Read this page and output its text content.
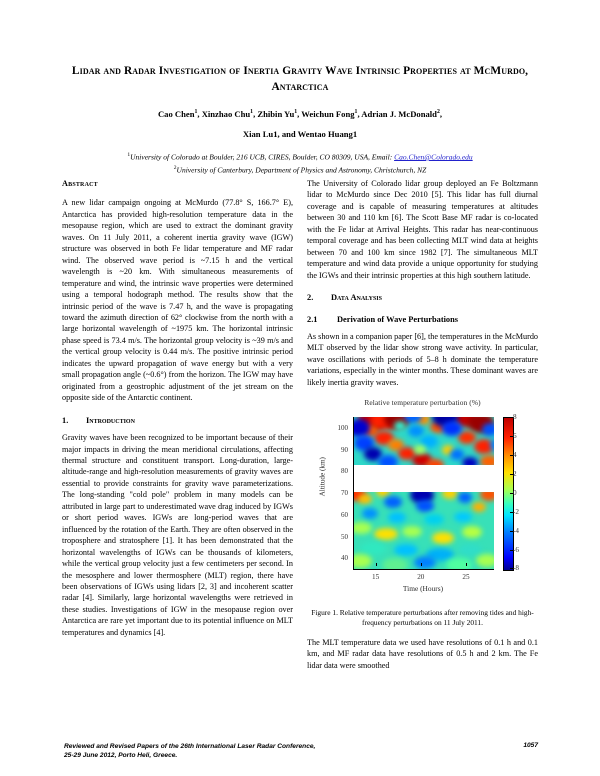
Lidar and Radar Investigation of Inertia Gravity Wave Intrinsic Properties at McMurdo, Antarctica
Cao Chen$^1$, Xinzhao Chu$^1$, Zhibin Yu$^1$, Weichun Fong$^1$, Adrian J. McDonald$^2$,
Xian Lu1, and Wentao Huang1
$^1$University of Colorado at Boulder, 216 UCB, CIRES, Boulder, CO 80309, USA, Email: Cao.Chen@Colorado.edu
$^2$University of Canterbury, Department of Physics and Astronomy, Christchurch, NZ
Abstract

A new lidar campaign ongoing at McMurdo (77.8° S, 166.7° E), Antarctica has provided high-resolution temperature data in the mesopause region, which are used to extract the dominant gravity waves. On 11 July 2011, a coherent inertia gravity wave (IGW) structure was observed in both Fe lidar temperature and MF radar wind. The observed wave period is ~7.15 h and the vertical wavelength is ~20 km. With simultaneous measurements of temperature and wind, the intrinsic wave properties were determined using a temporal hodograph method. The results show that the intrinsic period of the wave is 7.47 h, and the wave is propagating toward the azimuth direction of 62° clockwise from the north with a large horizontal wavelength of ~1975 km. The horizontal intrinsic phase speed is 73.4 m/s. The horizontal group velocity is ~39 m/s and the vertical group velocity is 0.44 m/s. The positive intrinsic period indicates the upward propagation of wave energy but with a very small propagation angle (~0.6°) from the horizon. The IGW may have originated from a geostrophic adjustment of the jet stream on the opposite side of the Antarctic continent.

1.	Introduction

Gravity waves have been recognized to be important because of their major impacts in driving the mean meridional circulations, affecting thermal structure and constituent transport. Long-duration, large-altitude-range and high-resolution measurements of gravity waves are essential to provide constraints for gravity wave parameterizations. The long-standing "cold pole" problem in many models can be attributed in large part to underestimated wave drag induced by IGWs or short period waves. IGWs are long-period waves that are influenced by the rotation of the Earth. They are often observed in the troposphere and stratosphere [1]. It has been demonstrated that the horizontal wavelengths of IGWs can be thousands of kilometers, while the vertical group velocity just a few centimeters per second. In the mesosphere and lower thermosphere (MLT) region, there have been observations of IGWs using lidars [2, 3] and incoherent scatter radar [4]. Similarly, large horizontal wavelengths were retrieved in these studies. Investigations of IGW in the mesopause region over Antarctica are rare yet important due to its potential influence on MLT temperatures and dynamics [4].

The University of Colorado lidar group deployed an Fe Boltzmann lidar to McMurdo since Dec 2010 [5]. This lidar has full diurnal coverage and is capable of measuring temperatures at altitudes between 30 and 110 km [6]. The Scott Base MF radar is co-located with the Fe lidar at Arrival Heights. This radar has near-continuous temporal coverage and has been collecting MLT wind data at heights between 70 and 100 km since 1982 [7]. The simultaneous MLT temperature and wind data provide a unique opportunity for studying the IGWs and their intrinsic properties at this high southern latitude.

2.	Data Analysis
2.1	Derivation of Wave Perturbations

As shown in a companion paper [6], the temperatures in the McMurdo MLT observed by the lidar show strong wave activity. In particular, wave oscillations with periods of 5–8 h dominate the temperature variations, especially in the winter months. These dominant waves are likely inertia gravity waves.

Relative temperature perturbation (%)
Altitude (km)
40
50
60
70
80
90
100
15	20	25
Time (Hours)
8
6
4
2
0
-2
-4
-6
-8
Figure 1. Relative temperature perturbations after removing tides and high-frequency perturbations on 11 July 2011.

The MLT temperature data we used have resolutions of 0.1 h and 0.1 km, and MF radar data have resolutions of 0.5 h and 2 km. The Fe lidar data were smoothed

Reviewed and Revised Papers of the 26th International Laser Radar Conference,
25-29 June 2012, Porto Heli, Greece.
1057
